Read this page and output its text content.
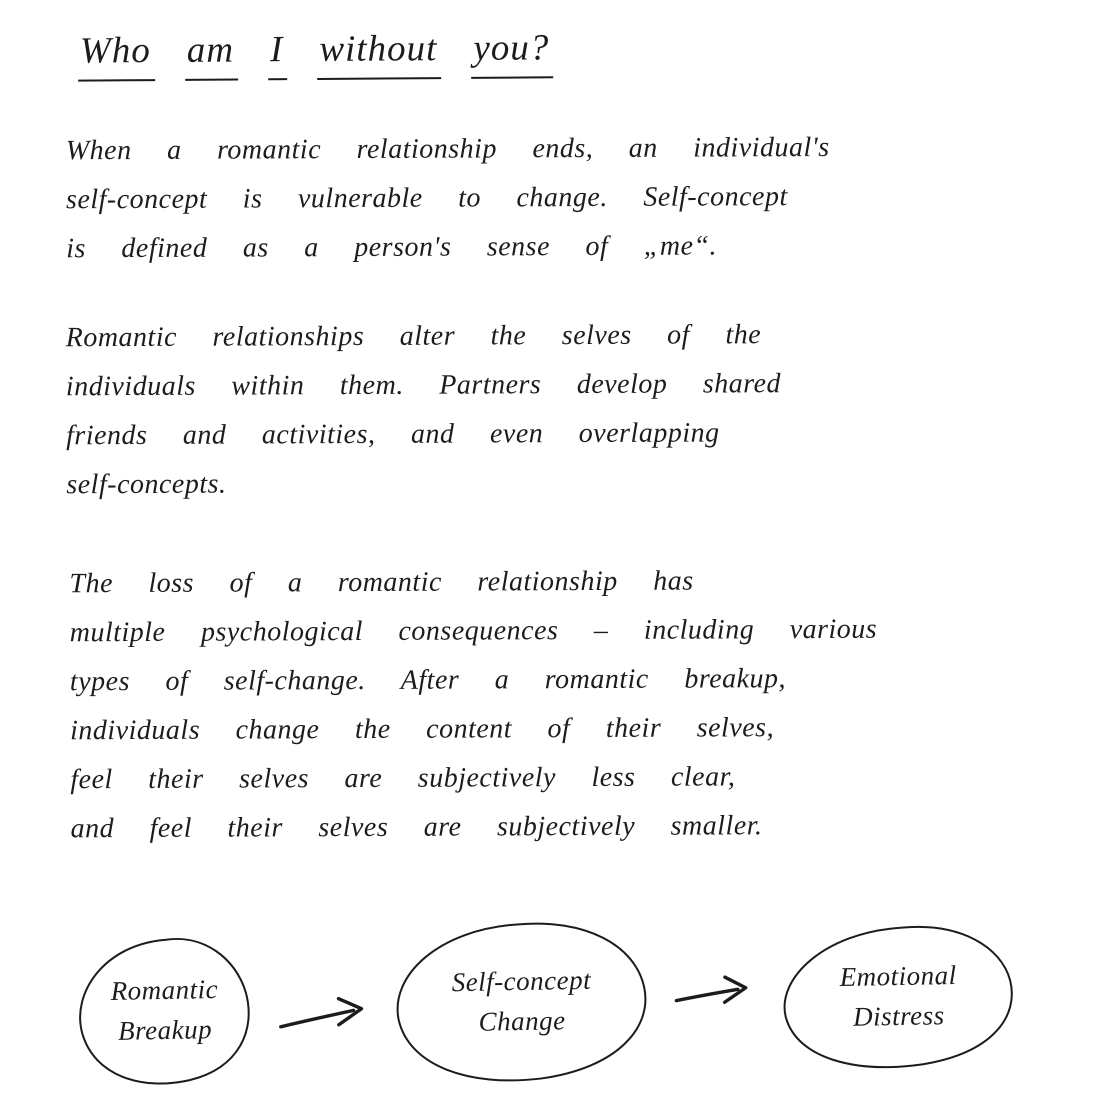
Who am I without you?
When a romantic relationship ends, an individual's
self-concept is vulnerable to change. Self-concept
is defined as a person's sense of „me“.
Romantic relationships alter the selves of the
individuals within them. Partners develop shared
friends and activities, and even overlapping
self-concepts.
The loss of a romantic relationship has
multiple psychological consequences – including various
types of self-change. After a romantic breakup,
individuals change the content of their selves,
feel their selves are subjectively less clear,
and feel their selves are subjectively smaller.
Romantic
Breakup
Self-concept
Change
Emotional
Distress
